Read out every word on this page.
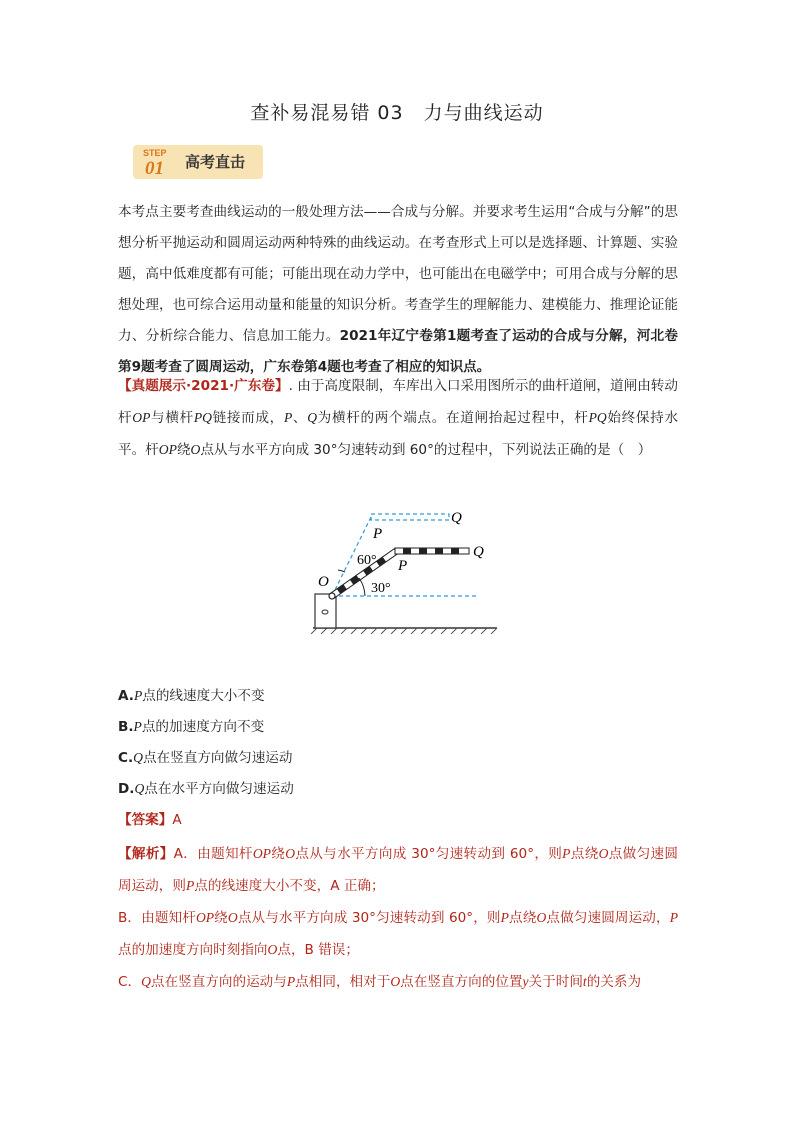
查补易混易错 03　力与曲线运动
STEP
01 高考直击
本考点主要考查曲线运动的一般处理方法——合成与分解。并要求考生运用“合成与分解”的思想分析平抛运动和圆周运动两种特殊的曲线运动。在考查形式上可以是选择题、计算题、实验题，高中低难度都有可能；可能出现在动力学中，也可能出在电磁学中；可用合成与分解的思想处理，也可综合运用动量和能量的知识分析。考查学生的理解能力、建模能力、推理论证能力、分析综合能力、信息加工能力。2021年辽宁卷第1题考查了运动的合成与分解，河北卷第9题考查了圆周运动，广东卷第4题也考查了相应的知识点。
【真题展示·2021·广东卷】. 由于高度限制，车库出入口采用图所示的曲杆道闸，道闸由转动杆OP与横杆PQ链接而成，P、Q为横杆的两个端点。在道闸抬起过程中，杆PQ始终保持水平。杆OP绕O点从与水平方向成 30°匀速转动到 60°的过程中，下列说法正确的是（　）
O
P
Q
P
Q
60°
30°
A.P点的线速度大小不变
B.P点的加速度方向不变
C.Q点在竖直方向做匀速运动
D.Q点在水平方向做匀速运动
【答案】A

【解析】A．由题知杆OP绕O点从与水平方向成 30°匀速转动到 60°，则P点绕O点做匀速圆周运动，则P点的线速度大小不变，A 正确；

B．由题知杆OP绕O点从与水平方向成 30°匀速转动到 60°，则P点绕O点做匀速圆周运动，P点的加速度方向时刻指向O点，B 错误；

C．Q点在竖直方向的运动与P点相同，相对于O点在竖直方向的位置y关于时间t的关系为
